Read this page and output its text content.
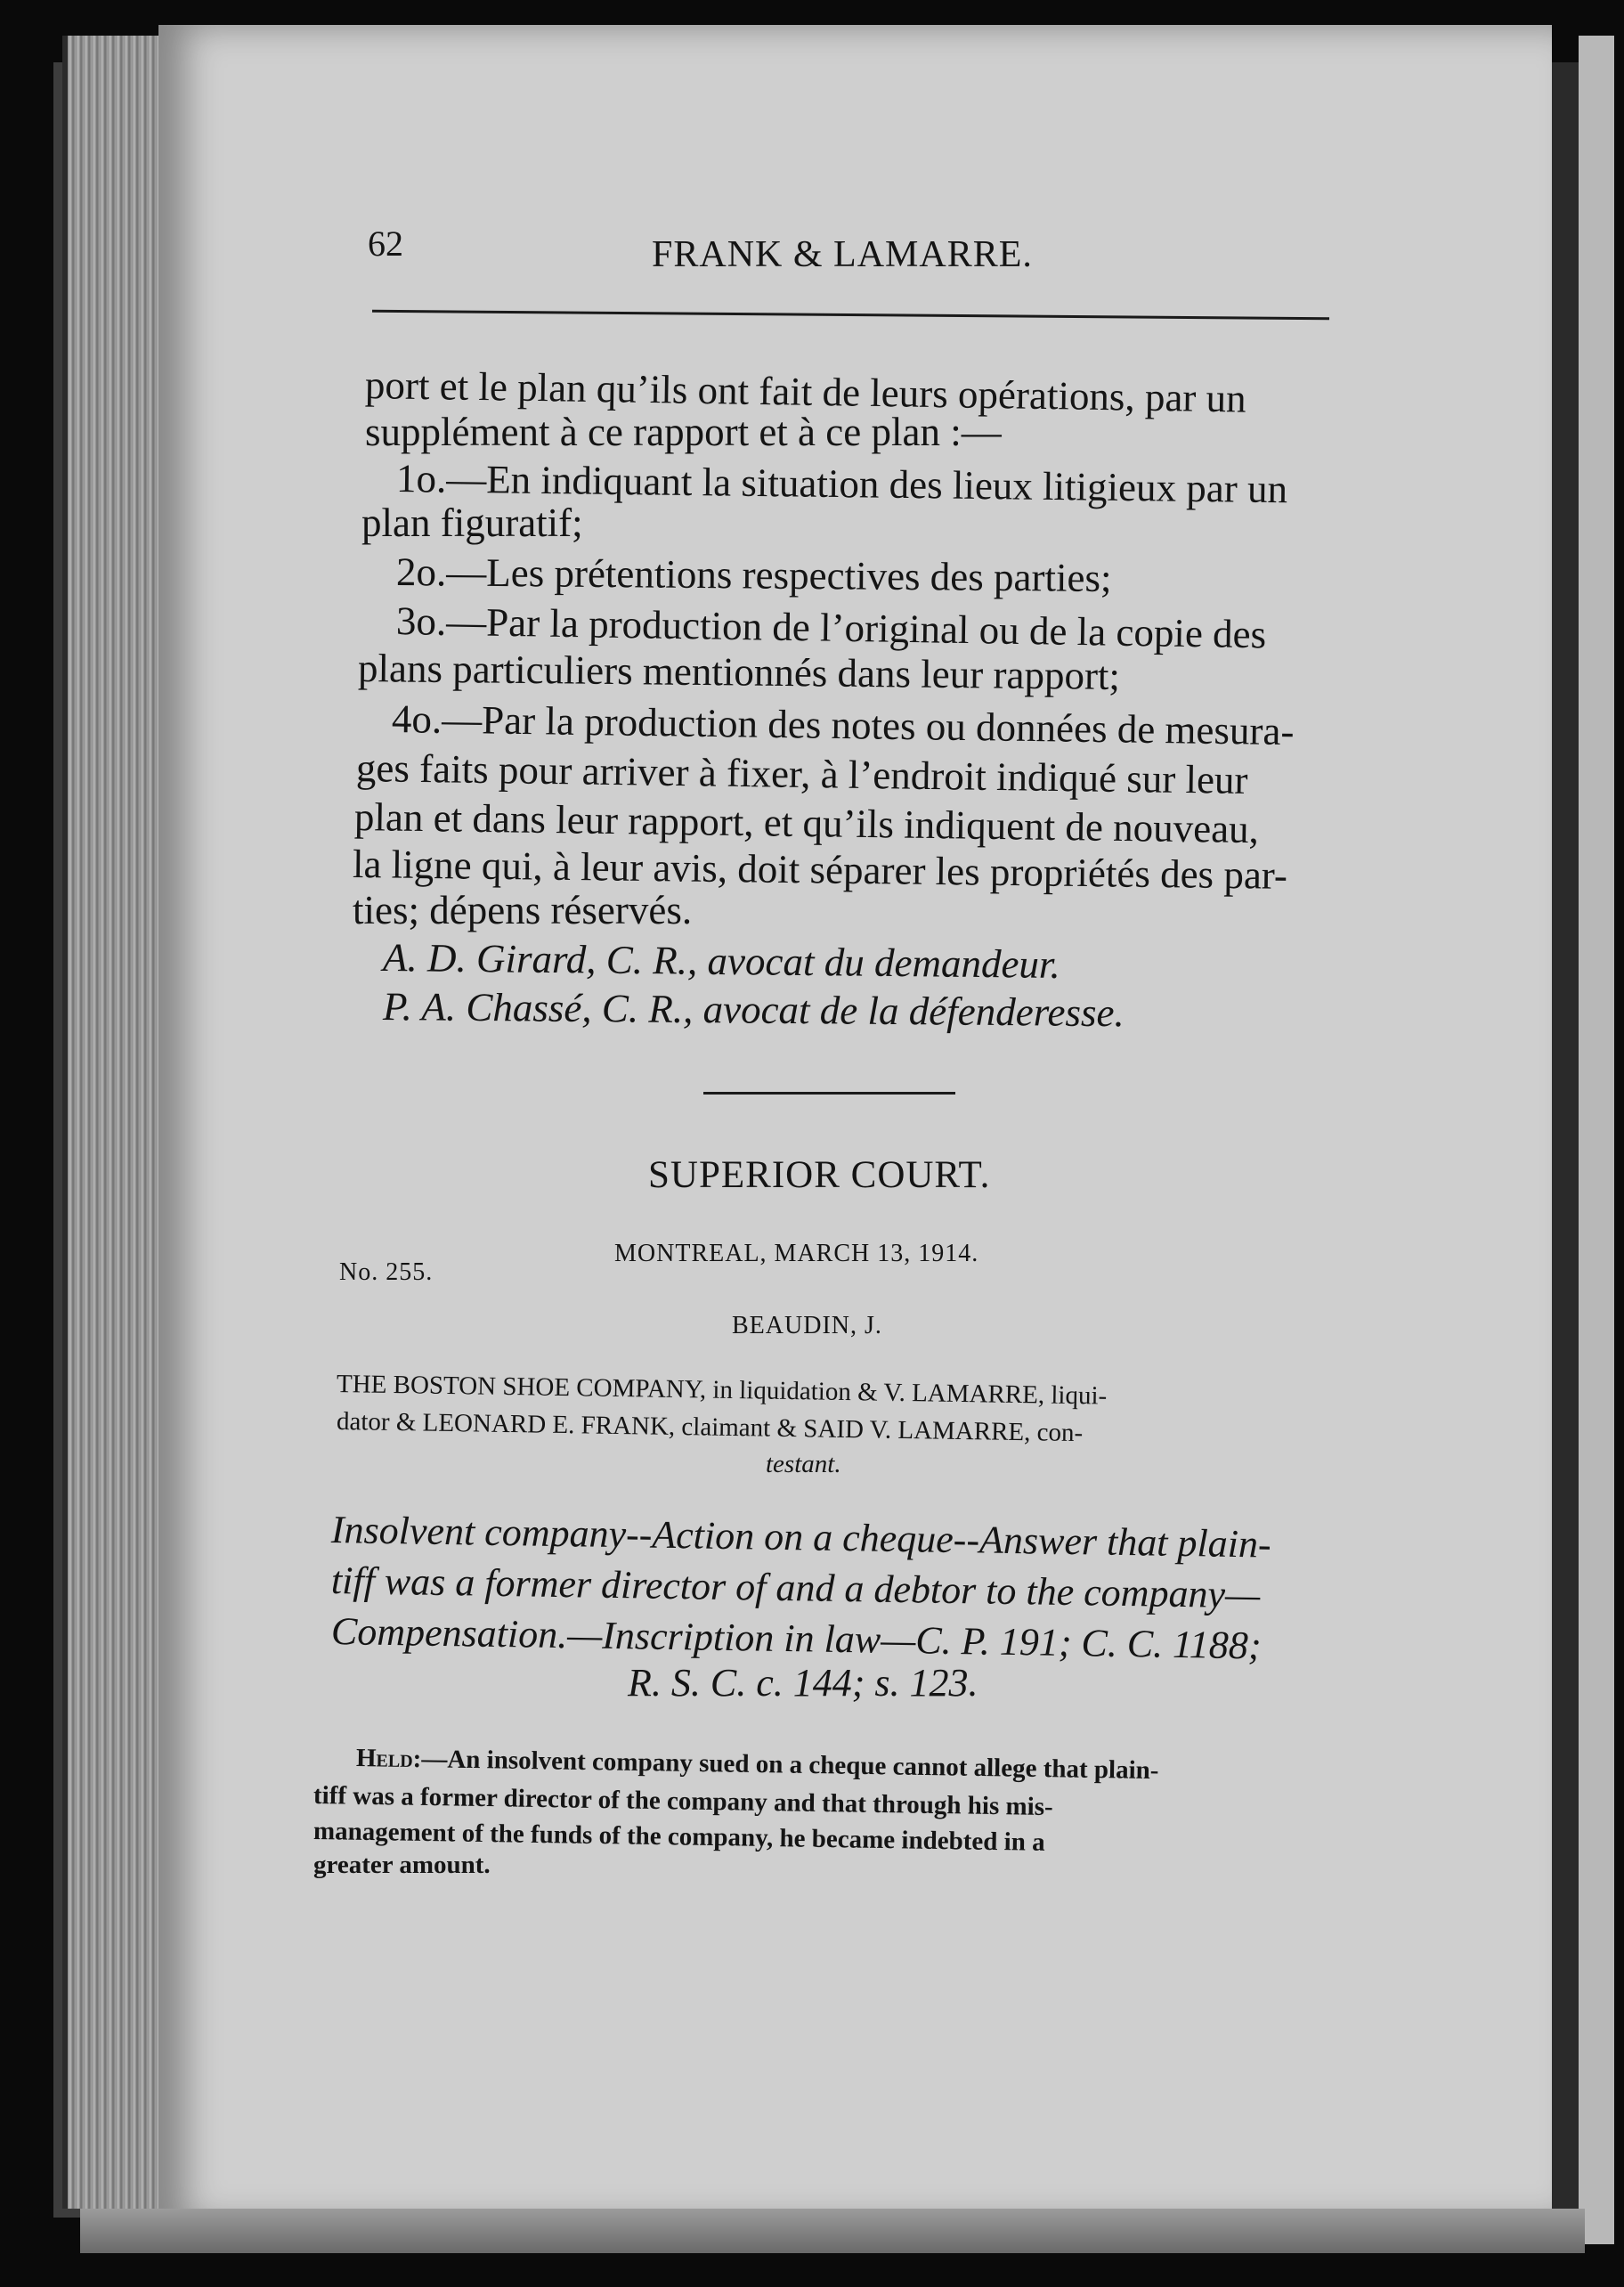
62	FRANK & LAMARRE.
port et le plan qu’ils ont fait de leurs opérations, par un
supplément à ce rapport et à ce plan :—
1o.—En indiquant la situation des lieux litigieux par un
plan figuratif;
2o.—Les prétentions respectives des parties;
3o.—Par la production de l’original ou de la copie des
plans particuliers mentionnés dans leur rapport;
4o.—Par la production des notes ou données de mesura-
ges faits pour arriver à fixer, à l’endroit indiqué sur leur
plan et dans leur rapport, et qu’ils indiquent de nouveau,
la ligne qui, à leur avis, doit séparer les propriétés des par-
ties; dépens réservés.
A. D. Girard, C. R., avocat du demandeur.
P. A. Chassé, C. R., avocat de la défenderesse.
SUPERIOR COURT.
No. 255.
MONTREAL, MARCH 13, 1914.
BEAUDIN, J.
THE BOSTON SHOE COMPANY, in liquidation & V. LAMARRE, liqui-
dator & LEONARD E. FRANK, claimant & SAID V. LAMARRE, con-
testant.
Insolvent company--Action on a cheque--Answer that plain-
tiff was a former director of and a debtor to the company—
Compensation.—Inscription in law—C. P. 191; C. C. 1188;
R. S. C. c. 144; s. 123.
Held:—An insolvent company sued on a cheque cannot allege that plain-
tiff was a former director of the company and that through his mis-
management of the funds of the company, he became indebted in a
greater amount.
